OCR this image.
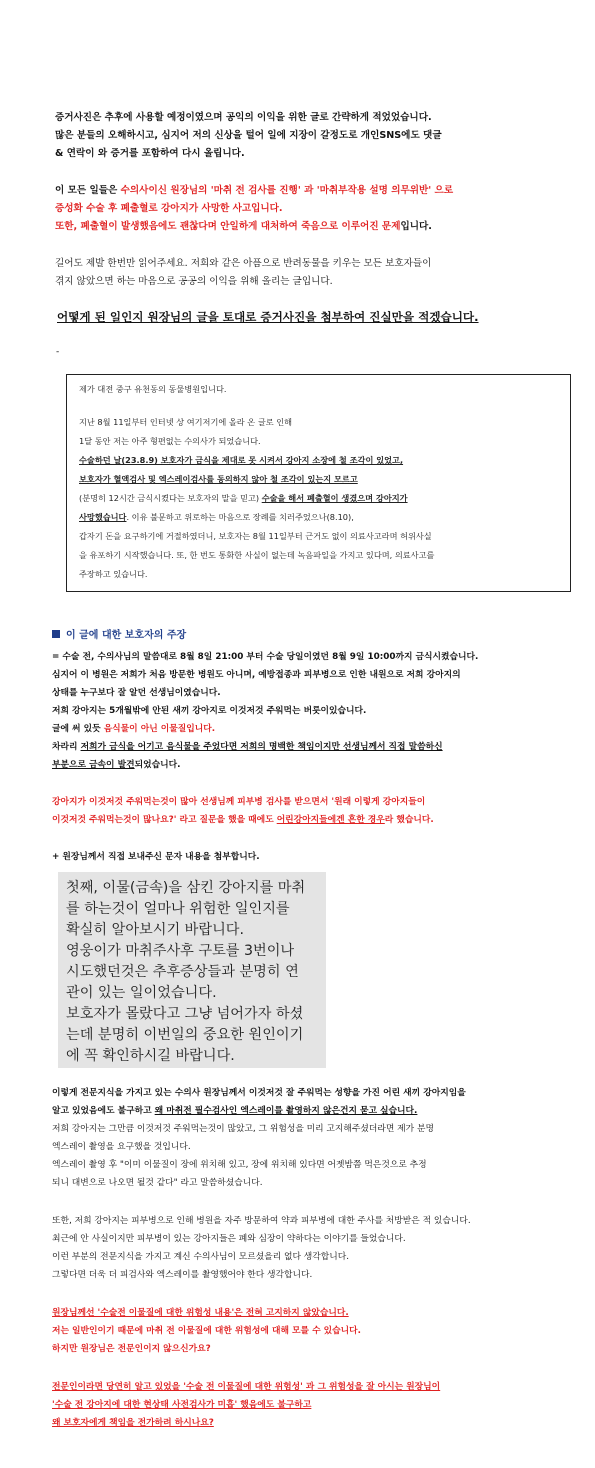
증거사진은 추후에 사용할 예정이였으며 공익의 이익을 위한 글로 간략하게 적었었습니다.
많은 분들의 오해하시고, 심지어 저의 신상을 털어 일에 지장이 갈정도로 개인SNS에도 댓글
& 연락이 와 증거를 포함하여 다시 올립니다.
이 모든 일들은 수의사이신 원장님의 '마취 전 검사를 진행' 과 '마취부작용 설명 의무위반' 으로
증성화 수술 후 폐출혈로 강아지가 사망한 사고입니다.
또한, 폐출혈이 발생했음에도 괜찮다며 안일하게 대처하여 죽음으로 이루어진 문제입니다.
길어도 제발 한번만 읽어주세요. 저희와 같은 아픔으로 반려동물을 키우는 모든 보호자들이
겪지 않았으면 하는 마음으로 공공의 이익을 위해 올리는 글입니다.
어떻게 된 일인지 원장님의 글을 토대로 증거사진을 첨부하여 진실만을 적겠습니다.
-
제가 대전 중구 유천동의 동물병원입니다.
지난 8월 11일부터 인터넷 상 여기저기에 올라 온 글로 인해
1달 동안 저는 아주 형편없는 수의사가 되었습니다.
수술하던 날(23.8.9) 보호자가 금식을 제대로 못 시켜서 강아지 소장에 철 조각이 있었고,
보호자가 혈액검사 및 엑스레이검사를 동의하지 않아 철 조각이 있는지 모르고
(분명히 12시간 금식시켰다는 보호자의 말을 믿고) 수술을 해서 폐출혈이 생겼으며 강아지가
사망했습니다. 이유 불문하고 위로하는 마음으로 장례를 치러주었으나(8.10),
갑자기 돈을 요구하기에 거절하였더니, 보호자는 8월 11일부터 근거도 없이 의료사고라며 허위사실
을 유포하기 시작했습니다. 또, 한 번도 통화한 사실이 없는데 녹음파일을 가지고 있다며, 의료사고를
주장하고 있습니다.
이 글에 대한 보호자의 주장
= 수술 전, 수의사님의 말씀대로 8월 8일 21:00 부터 수술 당일이였던 8월 9일 10:00까지 금식시켰습니다.
심지어 이 병원은 저희가 처음 방문한 병원도 아니며, 예방접종과 피부병으로 인한 내원으로 저희 강아지의
상태를 누구보다 잘 알던 선생님이였습니다.
저희 강아지는 5개월밖에 안된 새끼 강아지로 이것저것 주워먹는 버릇이있습니다.
글에 써 있듯 음식물이 아닌 이물질입니다.
차라리 저희가 금식을 어기고 음식물을 주었다면 저희의 명백한 책임이지만 선생님께서 직접 말씀하신
부분으로 금속이 발견되었습니다.
강아지가 이것저것 주워먹는것이 많아 선생님께 피부병 검사를 받으면서 '원래 이렇게 강아지들이
이것저것 주워먹는것이 많나요?' 라고 질문을 했을 때에도 어린강아지들에겐 흔한 경우라 했습니다.
+ 원장님께서 직접 보내주신 문자 내용을 첨부합니다.
첫째, 이물(금속)을 삼킨 강아지를 마취
를 하는것이 얼마나 위험한 일인지를
확실히 알아보시기 바랍니다.
영웅이가 마취주사후 구토를 3번이나
시도했던것은 추후증상들과 분명히 연
관이 있는 일이었습니다.
보호자가 몰랐다고 그냥 넘어가자 하셨
는데 분명히 이번일의 중요한 원인이기
에 꼭 확인하시길 바랍니다.
이렇게 전문지식을 가지고 있는 수의사 원장님께서 이것저것 잘 주워먹는 성향을 가진 어린 새끼 강아지임을
알고 있었음에도 불구하고 왜 마취전 필수검사인 엑스레이를 촬영하지 않은건지 묻고 싶습니다.
저희 강아지는 그만큼 이것저것 주워먹는것이 많았고, 그 위험성을 미리 고지해주셨더라면 제가 분명
엑스레이 촬영을 요구했을 것입니다.
엑스레이 촬영 후 "이미 이물질이 장에 위치해 있고, 장에 위치해 있다면 어젯밤쯤 먹은것으로 추정
되니 대변으로 나오면 될것 같다" 라고 말씀하셨습니다.
또한, 저희 강아지는 피부병으로 인해 병원을 자주 방문하여 약과 피부병에 대한 주사를 처방받은 적 있습니다.
최근에 안 사실이지만 피부병이 있는 강아지들은 폐와 심장이 약하다는 이야기를 들었습니다.
이런 부분의 전문지식을 가지고 계신 수의사님이 모르셨을리 없다 생각합니다.
그렇다면 더욱 더 피검사와 엑스레이를 촬영했어야 한다 생각합니다.
원장님께선 '수술전 이물질에 대한 위험성 내용'은 전혀 고지하지 않았습니다.
저는 일반인이기 때문에 마취 전 이물질에 대한 위험성에 대해 모를 수 있습니다.
하지만 원장님은 전문인이지 않으신가요?
전문인이라면 당연히 알고 있었을 '수술 전 이물질에 대한 위험성' 과 그 위험성을 잘 아시는 원장님이
'수술 전 강아지에 대한 현상태 사전검사가 미흡' 했음에도 불구하고
왜 보호자에게 책임을 전가하려 하시나요?
